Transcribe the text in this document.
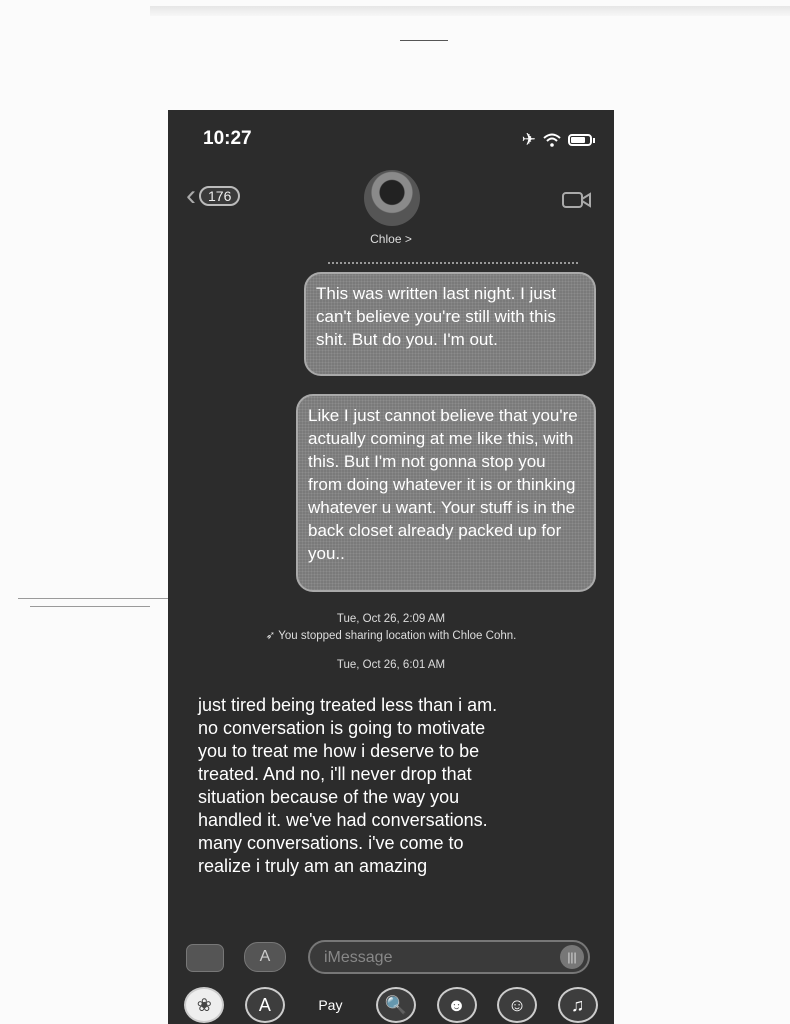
10:27	✈
‹ 176
Chloe >
This was written last night. I just can't believe you're still with this shit. But do you. I'm out.
Like I just cannot believe that you're actually coming at me like this, with this. But I'm not gonna stop you from doing whatever it is or thinking whatever u want. Your stuff is in the back closet already packed up for you..
Tue, Oct 26, 2:09 AM
➶ You stopped sharing location with Chloe Cohn.
Tue, Oct 26, 6:01 AM
just tired being treated less than i am. no conversation is going to motivate you to treat me how i deserve to be treated. And no, i'll never drop that situation because of the way you handled it. we've had conversations. many conversations. i've come to realize i truly am an amazing
A	iMessage	|||
❀	A	Pay	🔍	☻	☺	♫
